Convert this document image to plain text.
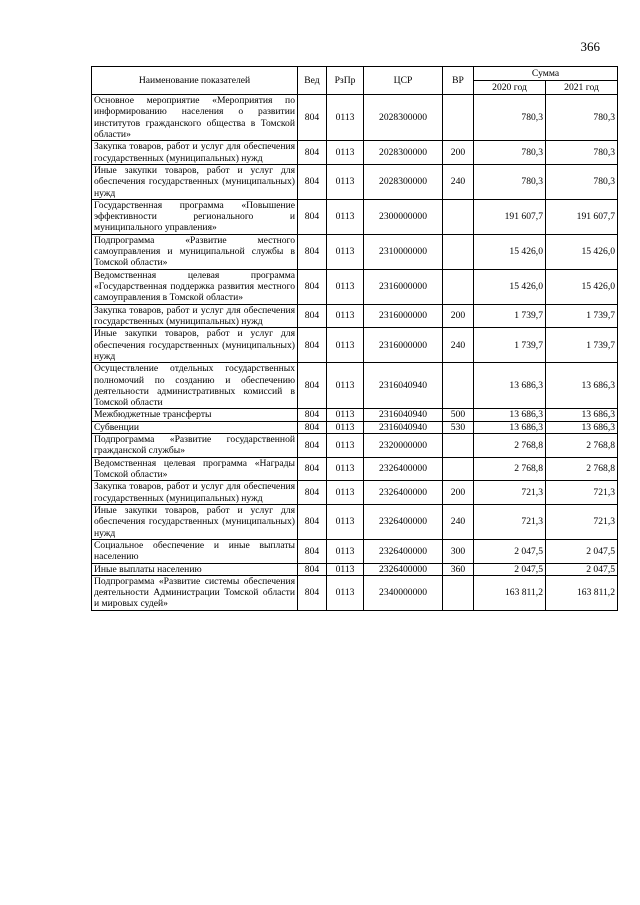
366
Наименование показателей	Вед	РзПр	ЦСР	ВР	Сумма	
					2020 год	2021 год
Основное мероприятие «Мероприятия по информированию населения о развитии институтов гражданского общества в Томской области»	804	0113	2028300000		780,3	780,3
Закупка товаров, работ и услуг для обеспечения государственных (муниципальных) нужд	804	0113	2028300000	200	780,3	780,3
Иные закупки товаров, работ и услуг для обеспечения государственных (муниципальных) нужд	804	0113	2028300000	240	780,3	780,3
Государственная программа «Повышение эффективности регионального и муниципального управления»	804	0113	2300000000		191 607,7	191 607,7
Подпрограмма «Развитие местного самоуправления и муниципальной службы в Томской области»	804	0113	2310000000		15 426,0	15 426,0
Ведомственная целевая программа «Государственная поддержка развития местного самоуправления в Томской области»	804	0113	2316000000		15 426,0	15 426,0
Закупка товаров, работ и услуг для обеспечения государственных (муниципальных) нужд	804	0113	2316000000	200	1 739,7	1 739,7
Иные закупки товаров, работ и услуг для обеспечения государственных (муниципальных) нужд	804	0113	2316000000	240	1 739,7	1 739,7
Осуществление отдельных государственных полномочий по созданию и обеспечению деятельности административных комиссий в Томской области	804	0113	2316040940		13 686,3	13 686,3
Межбюджетные трансферты	804	0113	2316040940	500	13 686,3	13 686,3
Субвенции	804	0113	2316040940	530	13 686,3	13 686,3
Подпрограмма «Развитие государственной гражданской службы»	804	0113	2320000000		2 768,8	2 768,8
Ведомственная целевая программа «Награды Томской области»	804	0113	2326400000		2 768,8	2 768,8
Закупка товаров, работ и услуг для обеспечения государственных (муниципальных) нужд	804	0113	2326400000	200	721,3	721,3
Иные закупки товаров, работ и услуг для обеспечения государственных (муниципальных) нужд	804	0113	2326400000	240	721,3	721,3
Социальное обеспечение и иные выплаты населению	804	0113	2326400000	300	2 047,5	2 047,5
Иные выплаты населению	804	0113	2326400000	360	2 047,5	2 047,5
Подпрограмма «Развитие системы обеспечения деятельности Администрации Томской области и мировых судей»	804	0113	2340000000		163 811,2	163 811,2
